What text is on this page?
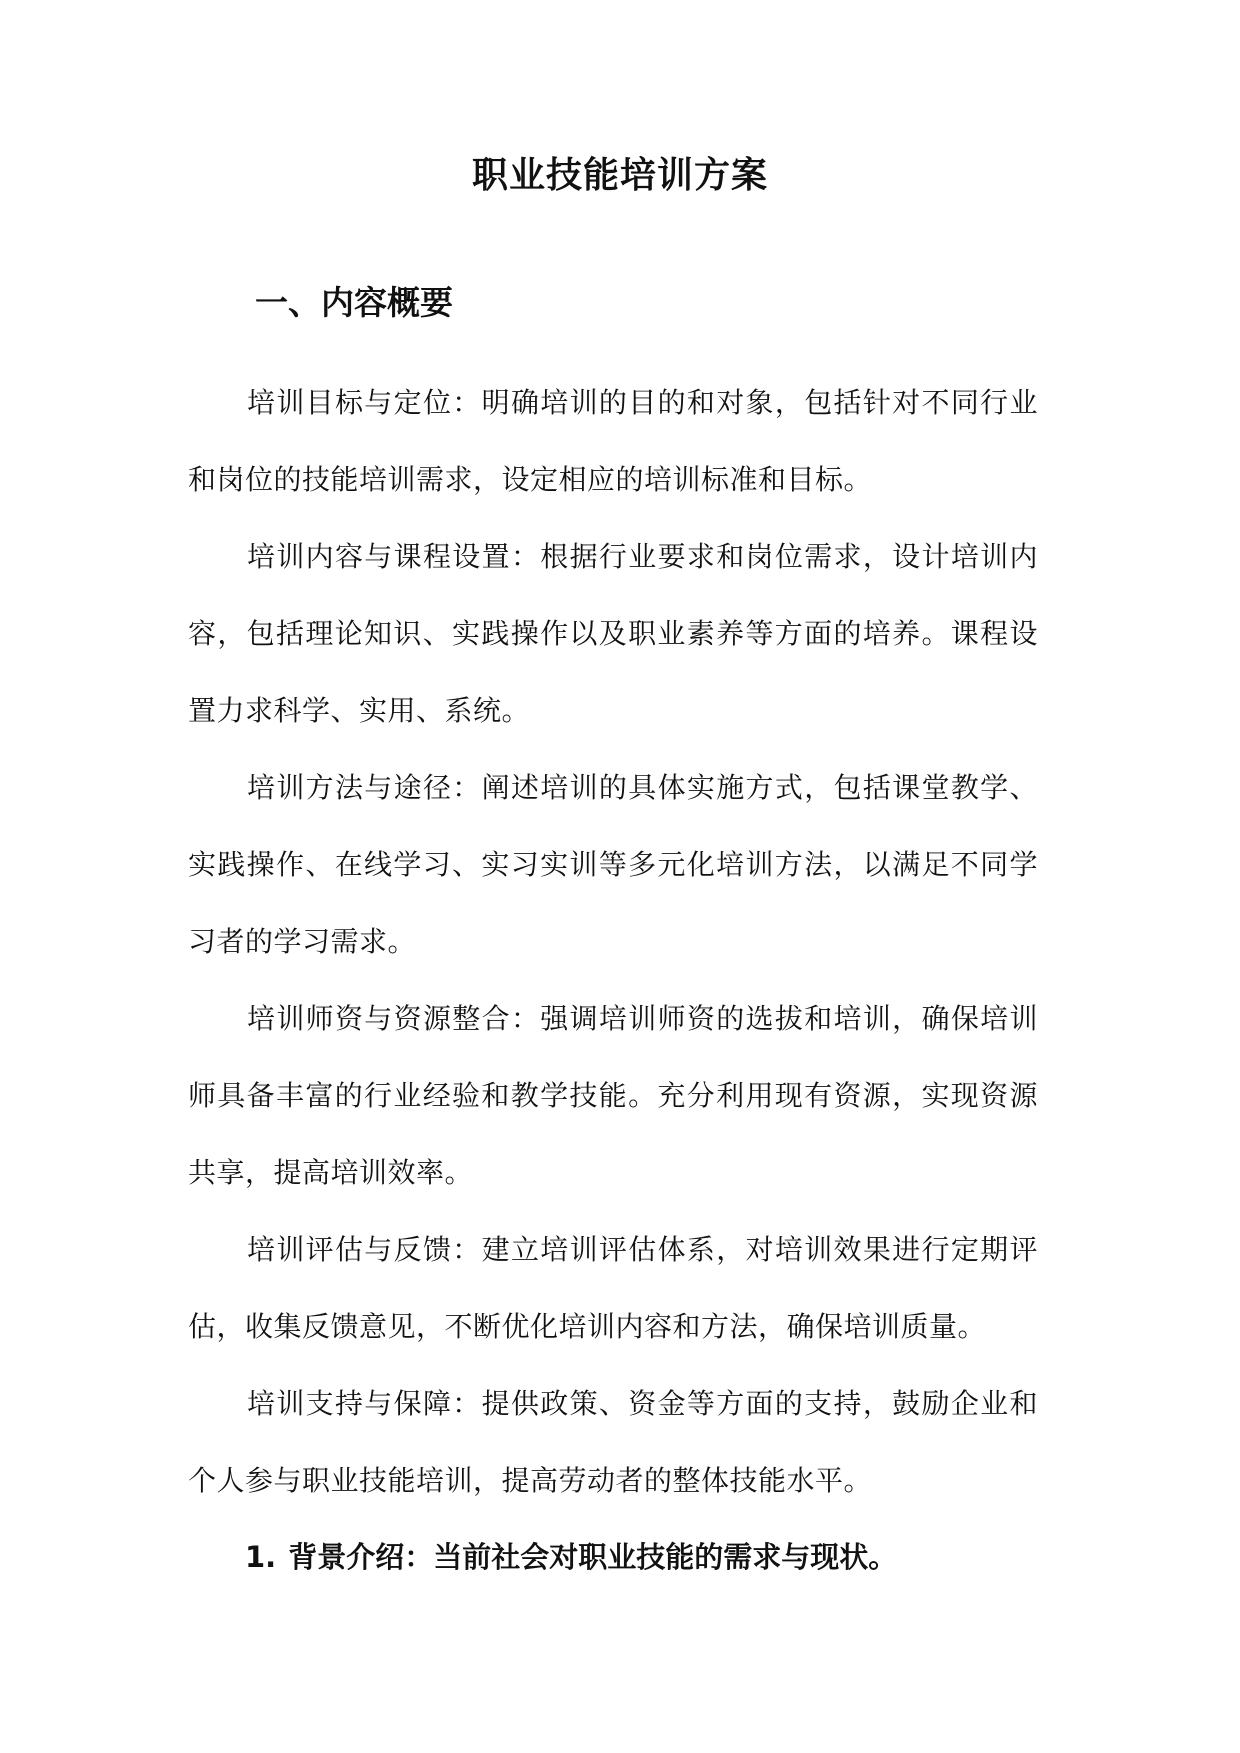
职业技能培训方案
一、内容概要

培训目标与定位：明确培训的目的和对象，包括针对不同行业和岗位的技能培训需求，设定相应的培训标准和目标。

培训内容与课程设置：根据行业要求和岗位需求，设计培训内容，包括理论知识、实践操作以及职业素养等方面的培养。课程设置力求科学、实用、系统。

培训方法与途径：阐述培训的具体实施方式，包括课堂教学、实践操作、在线学习、实习实训等多元化培训方法，以满足不同学习者的学习需求。

培训师资与资源整合：强调培训师资的选拔和培训，确保培训师具备丰富的行业经验和教学技能。充分利用现有资源，实现资源共享，提高培训效率。

培训评估与反馈：建立培训评估体系，对培训效果进行定期评估，收集反馈意见，不断优化培训内容和方法，确保培训质量。

培训支持与保障：提供政策、资金等方面的支持，鼓励企业和个人参与职业技能培训，提高劳动者的整体技能水平。

1. 背景介绍：当前社会对职业技能的需求与现状。
